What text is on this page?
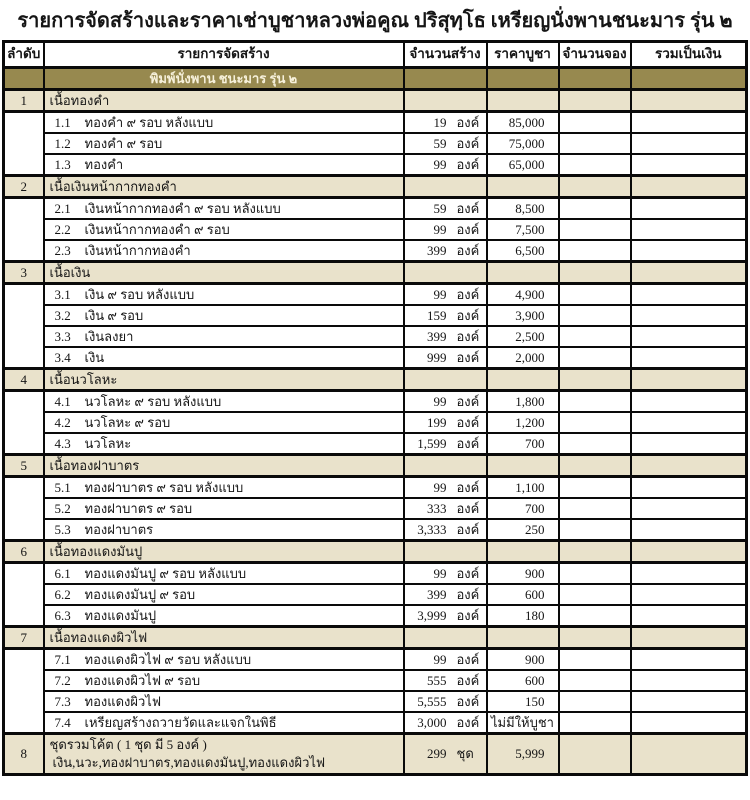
รายการจัดสร้างและราคาเช่าบูชาหลวงพ่อคูณ ปริสุทฺโธ เหรียญนั่งพานชนะมาร รุ่น ๒
ลำดับ	รายการจัดสร้าง	จำนวนสร้าง	ราคาบูชา	จำนวนจอง	รวมเป็นเงิน
	พิมพ์นั่งพาน ชนะมาร รุ่น ๒				
1	เนื้อทองคำ				
	1.1 ทองคำ ๙ รอบ หลังแบบ	19 องค์	85,000		
	1.2 ทองคำ ๙ รอบ	59 องค์	75,000		
	1.3 ทองคำ	99 องค์	65,000		
2	เนื้อเงินหน้ากากทองคำ				
	2.1 เงินหน้ากากทองคำ ๙ รอบ หลังแบบ	59 องค์	8,500		
	2.2 เงินหน้ากากทองคำ ๙ รอบ	99 องค์	7,500		
	2.3 เงินหน้ากากทองคำ	399 องค์	6,500		
3	เนื้อเงิน				
	3.1 เงิน ๙ รอบ หลังแบบ	99 องค์	4,900		
	3.2 เงิน ๙ รอบ	159 องค์	3,900		
	3.3 เงินลงยา	399 องค์	2,500		
	3.4 เงิน	999 องค์	2,000		
4	เนื้อนวโลหะ				
	4.1 นวโลหะ ๙ รอบ หลังแบบ	99 องค์	1,800		
	4.2 นวโลหะ ๙ รอบ	199 องค์	1,200		
	4.3 นวโลหะ	1,599 องค์	700		
5	เนื้อทองฝาบาตร				
	5.1 ทองฝาบาตร ๙ รอบ หลังแบบ	99 องค์	1,100		
	5.2 ทองฝาบาตร ๙ รอบ	333 องค์	700		
	5.3 ทองฝาบาตร	3,333 องค์	250		
6	เนื้อทองแดงมันปู				
	6.1 ทองแดงมันปู ๙ รอบ หลังแบบ	99 องค์	900		
	6.2 ทองแดงมันปู ๙ รอบ	399 องค์	600		
	6.3 ทองแดงมันปู	3,999 องค์	180		
7	เนื้อทองแดงผิวไฟ				
	7.1 ทองแดงผิวไฟ ๙ รอบ หลังแบบ	99 องค์	900		
	7.2 ทองแดงผิวไฟ ๙ รอบ	555 องค์	600		
	7.3 ทองแดงผิวไฟ	5,555 องค์	150		
	7.4 เหรียญสร้างถวายวัดและแจกในพิธี	3,000 องค์	ไม่มีให้บูชา		
8	ชุดรวมโค้ต ( 1 ชุด มี 5 องค์ )
เงิน,นวะ,ทองฝาบาตร,ทองแดงมันปู,ทองแดงผิวไฟ	299 ชุด	5,999		
